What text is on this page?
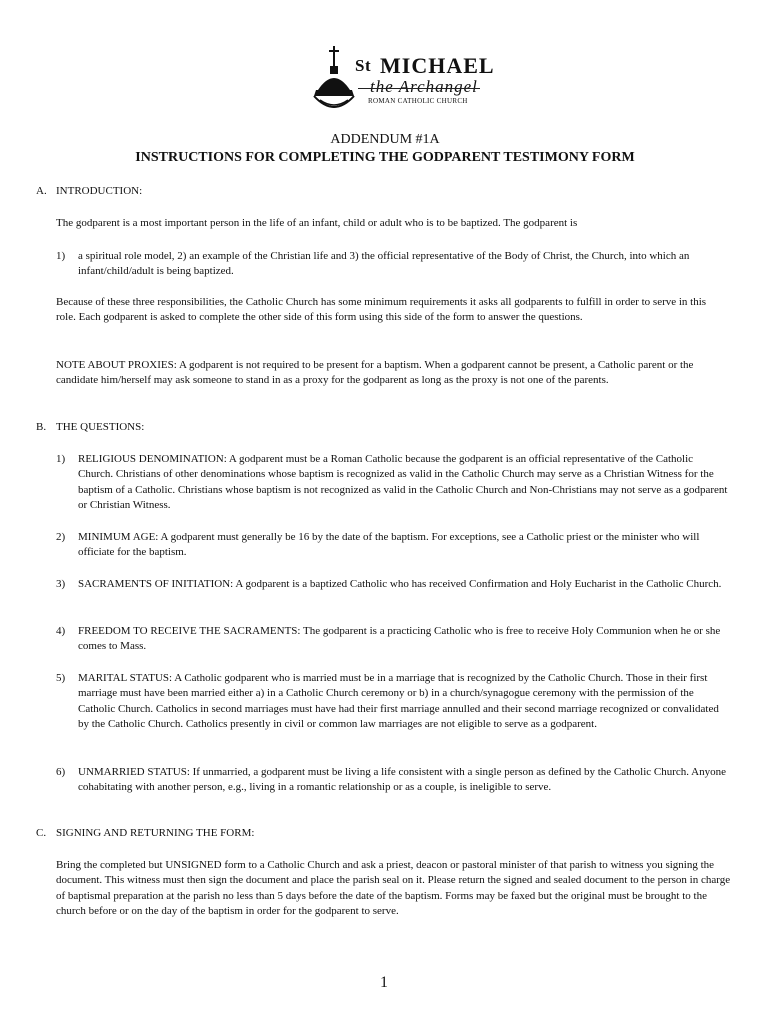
St MICHAEL
the Archangel
ROMAN CATHOLIC CHURCH
ADDENDUM #1A
INSTRUCTIONS FOR COMPLETING THE GODPARENT TESTIMONY FORM
A. INTRODUCTION:
The godparent is a most important person in the life of an infant, child or adult who is to be baptized. The godparent is
1) a spiritual role model, 2) an example of the Christian life and 3) the official representative of the Body of Christ, the Church, into which an infant/child/adult is being baptized.
Because of these three responsibilities, the Catholic Church has some minimum requirements it asks all godparents to fulfill in order to serve in this role. Each godparent is asked to complete the other side of this form using this side of the form to answer the questions.
NOTE ABOUT PROXIES: A godparent is not required to be present for a baptism. When a godparent cannot be present, a Catholic parent or the candidate him/herself may ask someone to stand in as a proxy for the godparent as long as the proxy is not one of the parents.
B. THE QUESTIONS:
1) RELIGIOUS DENOMINATION: A godparent must be a Roman Catholic because the godparent is an official representative of the Catholic Church. Christians of other denominations whose baptism is recognized as valid in the Catholic Church may serve as a Christian Witness for the baptism of a Catholic. Christians whose baptism is not recognized as valid in the Catholic Church and Non-Christians may not serve as a godparent or Christian Witness.
2) MINIMUM AGE: A godparent must generally be 16 by the date of the baptism. For exceptions, see a Catholic priest or the minister who will officiate for the baptism.
3) SACRAMENTS OF INITIATION: A godparent is a baptized Catholic who has received Confirmation and Holy Eucharist in the Catholic Church.
4) FREEDOM TO RECEIVE THE SACRAMENTS: The godparent is a practicing Catholic who is free to receive Holy Communion when he or she comes to Mass.
5) MARITAL STATUS: A Catholic godparent who is married must be in a marriage that is recognized by the Catholic Church. Those in their first marriage must have been married either a) in a Catholic Church ceremony or b) in a church/synagogue ceremony with the permission of the Catholic Church. Catholics in second marriages must have had their first marriage annulled and their second marriage recognized or convalidated by the Catholic Church. Catholics presently in civil or common law marriages are not eligible to serve as a godparent.
6) UNMARRIED STATUS: If unmarried, a godparent must be living a life consistent with a single person as defined by the Catholic Church. Anyone cohabitating with another person, e.g., living in a romantic relationship or as a couple, is ineligible to serve.
C. SIGNING AND RETURNING THE FORM:
Bring the completed but UNSIGNED form to a Catholic Church and ask a priest, deacon or pastoral minister of that parish to witness you signing the document. This witness must then sign the document and place the parish seal on it. Please return the signed and sealed document to the person in charge of baptismal preparation at the parish no less than 5 days before the date of the baptism. Forms may be faxed but the original must be brought to the church before or on the day of the baptism in order for the godparent to serve.
1
